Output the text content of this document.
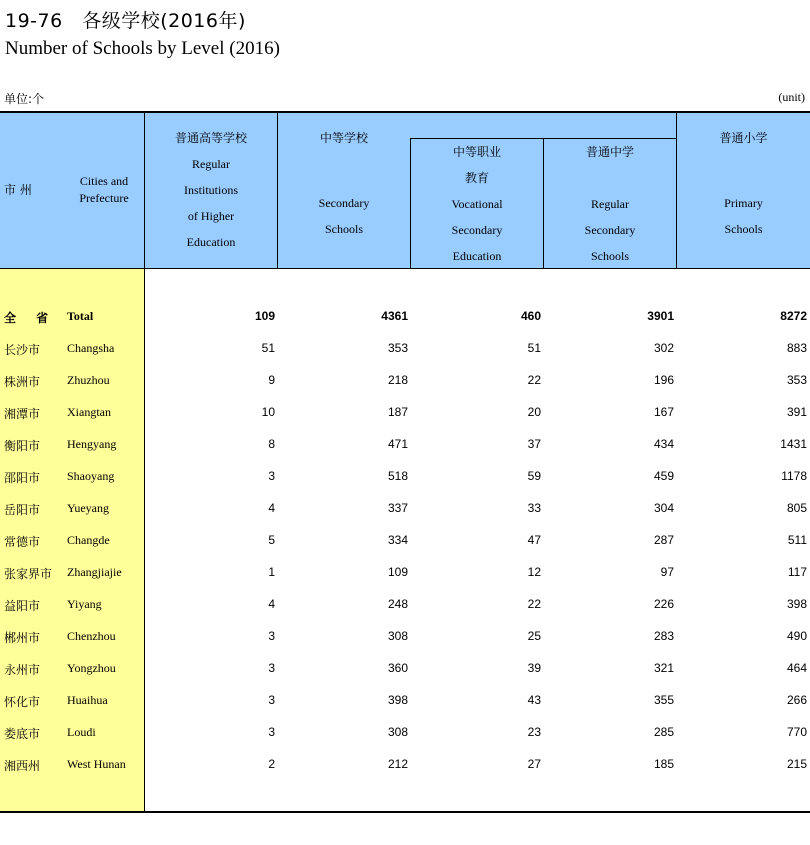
19-76　各级学校(2016年)
Number of Schools by Level (2016)
单位:个	(unit)
市 州
Cities and
Prefecture
普通高等学校
Regular
Institutions
of Higher
Education
中等学校
Secondary
Schools
中等职业
教育
Vocational
Secondary
Education
普通中学
Regular
Secondary
Schools
普通小学
Primary
Schools
全 省 Total	109	4361	460	3901	8272
长沙市 Changsha	51	353	51	302	883
株洲市 Zhuzhou	9	218	22	196	353
湘潭市 Xiangtan	10	187	20	167	391
衡阳市 Hengyang	8	471	37	434	1431
邵阳市 Shaoyang	3	518	59	459	1178
岳阳市 Yueyang	4	337	33	304	805
常德市 Changde	5	334	47	287	511
张家界市 Zhangjiajie	1	109	12	97	117
益阳市 Yiyang	4	248	22	226	398
郴州市 Chenzhou	3	308	25	283	490
永州市 Yongzhou	3	360	39	321	464
怀化市 Huaihua	3	398	43	355	266
娄底市 Loudi	3	308	23	285	770
湘西州 West Hunan	2	212	27	185	215
